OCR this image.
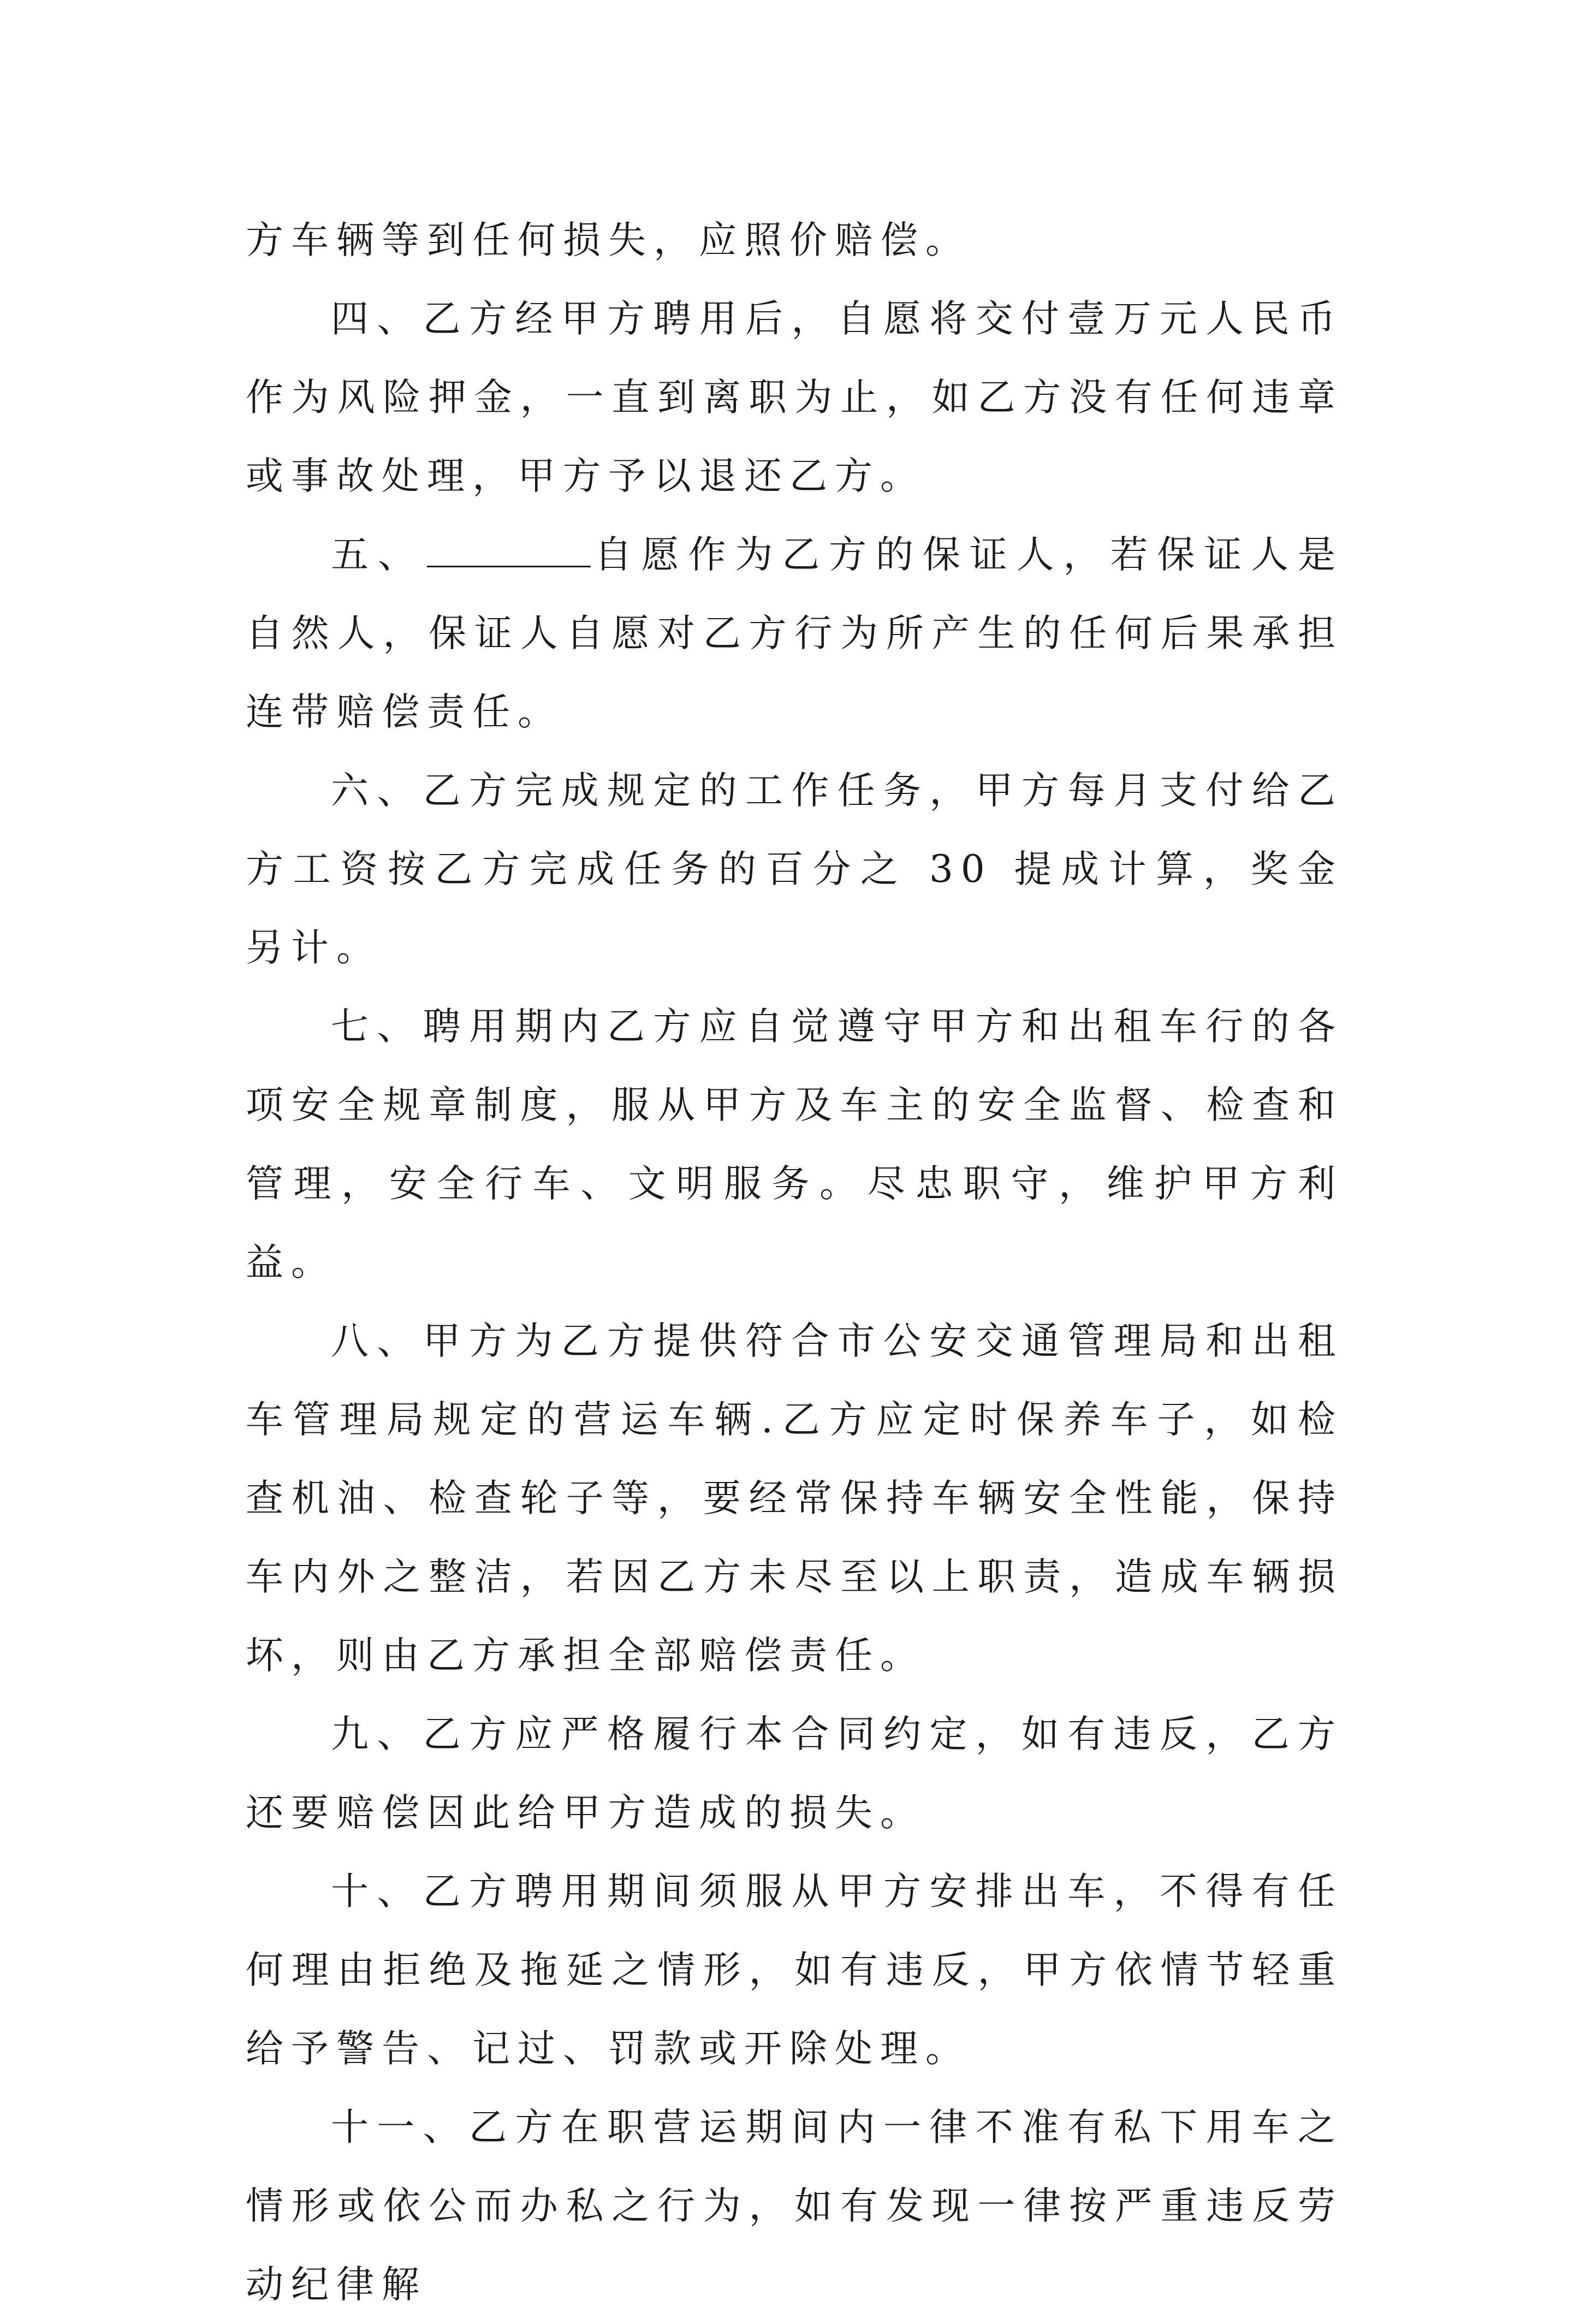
方车辆等到任何损失，应照价赔偿。

四、乙方经甲方聘用后，自愿将交付壹万元人民币作为风险押金，一直到离职为止，如乙方没有任何违章或事故处理，甲方予以退还乙方。

五、	自愿作为乙方的保证人，若保证人是自然人，保证人自愿对乙方行为所产生的任何后果承担连带赔偿责任。

六、乙方完成规定的工作任务，甲方每月支付给乙方工资按乙方完成任务的百分之 30 提成计算，奖金另计。

七、聘用期内乙方应自觉遵守甲方和出租车行的各项安全规章制度，服从甲方及车主的安全监督、检查和管理，安全行车、文明服务。尽忠职守，维护甲方利益。

八、甲方为乙方提供符合市公安交通管理局和出租车管理局规定的营运车辆.乙方应定时保养车子，如检查机油、检查轮子等，要经常保持车辆安全性能，保持车内外之整洁，若因乙方未尽至以上职责，造成车辆损坏，则由乙方承担全部赔偿责任。

九、乙方应严格履行本合同约定，如有违反，乙方还要赔偿因此给甲方造成的损失。

十、乙方聘用期间须服从甲方安排出车，不得有任何理由拒绝及拖延之情形，如有违反，甲方依情节轻重给予警告、记过、罚款或开除处理。

十一、乙方在职营运期间内一律不准有私下用车之情形或依公而办私之行为，如有发现一律按严重违反劳动纪律解
